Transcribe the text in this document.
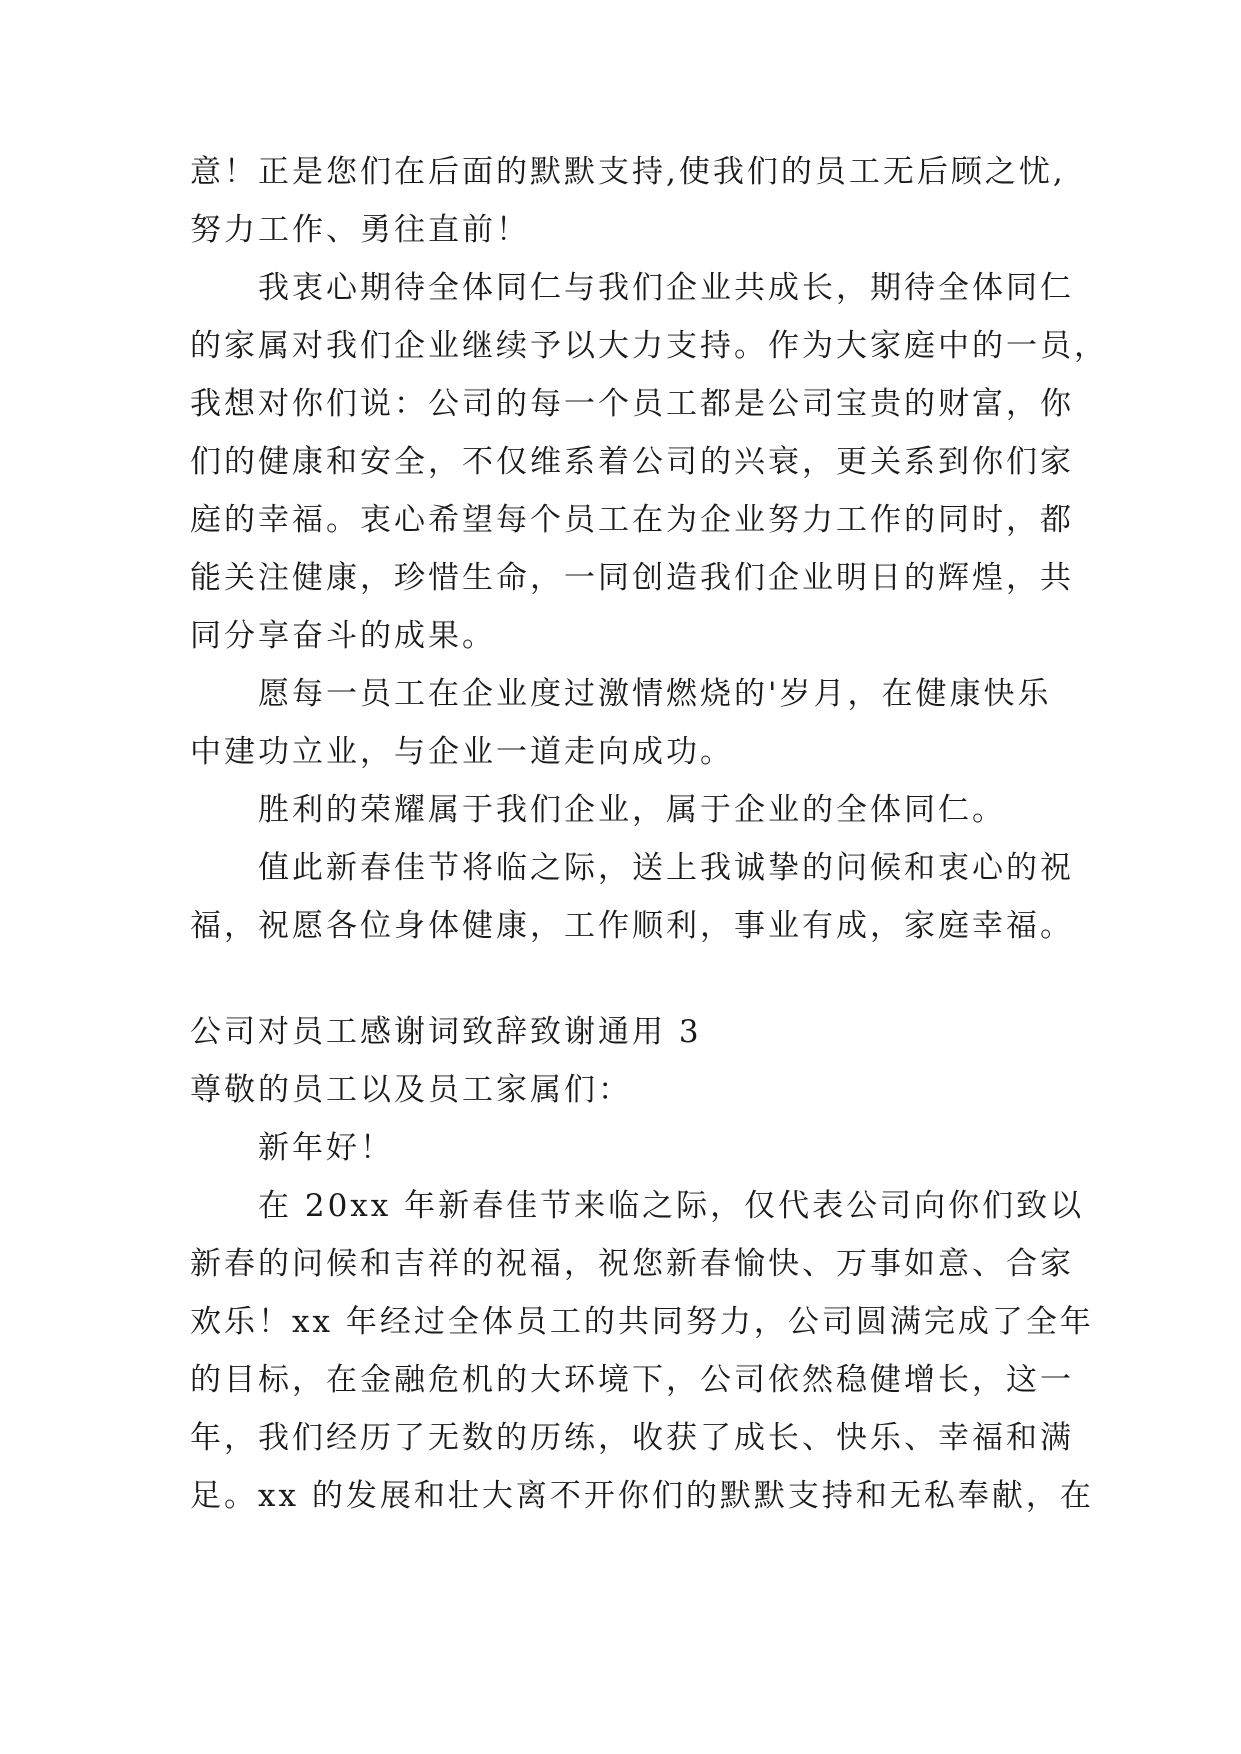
意！正是您们在后面的默默支持,使我们的员工无后顾之忧,
努力工作、勇往直前！
我衷心期待全体同仁与我们企业共成长，期待全体同仁
的家属对我们企业继续予以大力支持。作为大家庭中的一员，
我想对你们说：公司的每一个员工都是公司宝贵的财富，你
们的健康和安全，不仅维系着公司的兴衰，更关系到你们家
庭的幸福。衷心希望每个员工在为企业努力工作的同时，都
能关注健康，珍惜生命，一同创造我们企业明日的辉煌，共
同分享奋斗的成果。
愿每一员工在企业度过激情燃烧的'岁月，在健康快乐
中建功立业，与企业一道走向成功。
胜利的荣耀属于我们企业，属于企业的全体同仁。
值此新春佳节将临之际，送上我诚挚的问候和衷心的祝
福，祝愿各位身体健康，工作顺利，事业有成，家庭幸福。
公司对员工感谢词致辞致谢通用 3
尊敬的员工以及员工家属们：
新年好！
在 20xx 年新春佳节来临之际，仅代表公司向你们致以
新春的问候和吉祥的祝福，祝您新春愉快、万事如意、合家
欢乐！xx 年经过全体员工的共同努力，公司圆满完成了全年
的目标，在金融危机的大环境下，公司依然稳健增长，这一
年，我们经历了无数的历练，收获了成长、快乐、幸福和满
足。xx 的发展和壮大离不开你们的默默支持和无私奉献，在
